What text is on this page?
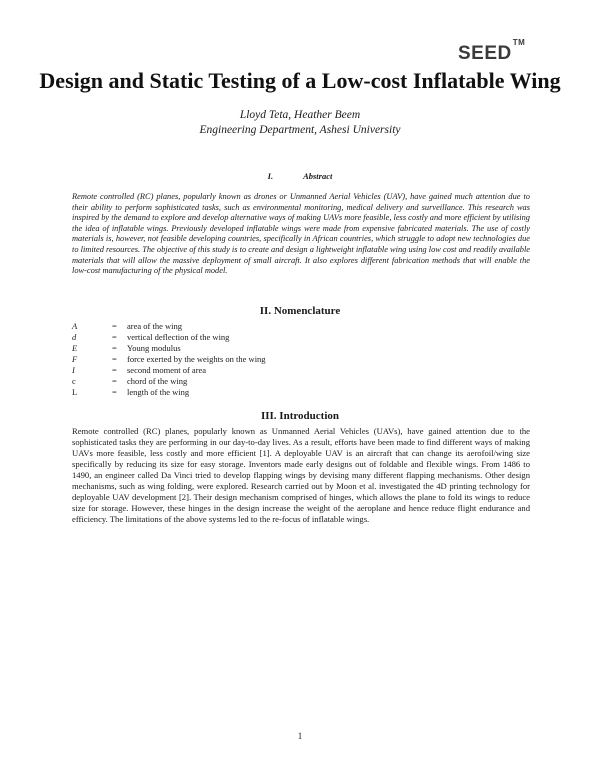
SEED™
Design and Static Testing of a Low-cost Inflatable Wing
Lloyd Teta, Heather Beem
Engineering Department, Ashesi University
I.	Abstract

Remote controlled (RC) planes, popularly known as drones or Unmanned Aerial Vehicles (UAV), have gained much attention due to their ability to perform sophisticated tasks, such as environmental monitoring, medical delivery and surveillance. This research was inspired by the demand to explore and develop alternative ways of making UAVs more feasible, less costly and more efficient by utilising the idea of inflatable wings. Previously developed inflatable wings were made from expensive fabricated materials. The use of costly materials is, however, not feasible developing countries, specifically in African countries, which struggle to adopt new technologies due to limited resources. The objective of this study is to create and design a lightweight inflatable wing using low cost and readily available materials that will allow the massive deployment of small aircraft. It also explores different fabrication methods that will enable the low-cost manufacturing of the physical model.

II. Nomenclature
A	=	area of the wing
d	=	vertical deflection of the wing
E	=	Young modulus
F	=	force exerted by the weights on the wing
I	=	second moment of area
c	=	chord of the wing
L	=	length of the wing
III. Introduction

Remote controlled (RC) planes, popularly known as Unmanned Aerial Vehicles (UAVs), have gained attention due to the sophisticated tasks they are performing in our day-to-day lives. As a result, efforts have been made to find different ways of making UAVs more feasible, less costly and more efficient [1]. A deployable UAV is an aircraft that can change its aerofoil/wing size specifically by reducing its size for easy storage. Inventors made early designs out of foldable and flexible wings. From 1486 to 1490, an engineer called Da Vinci tried to develop flapping wings by devising many different flapping mechanisms. Other design mechanisms, such as wing folding, were explored. Research carried out by Moon et al. investigated the 4D printing technology for deployable UAV development [2]. Their design mechanism comprised of hinges, which allows the plane to fold its wings to reduce size for storage. However, these hinges in the design increase the weight of the aeroplane and hence reduce flight endurance and efficiency. The limitations of the above systems led to the re-focus of inflatable wings.

1
